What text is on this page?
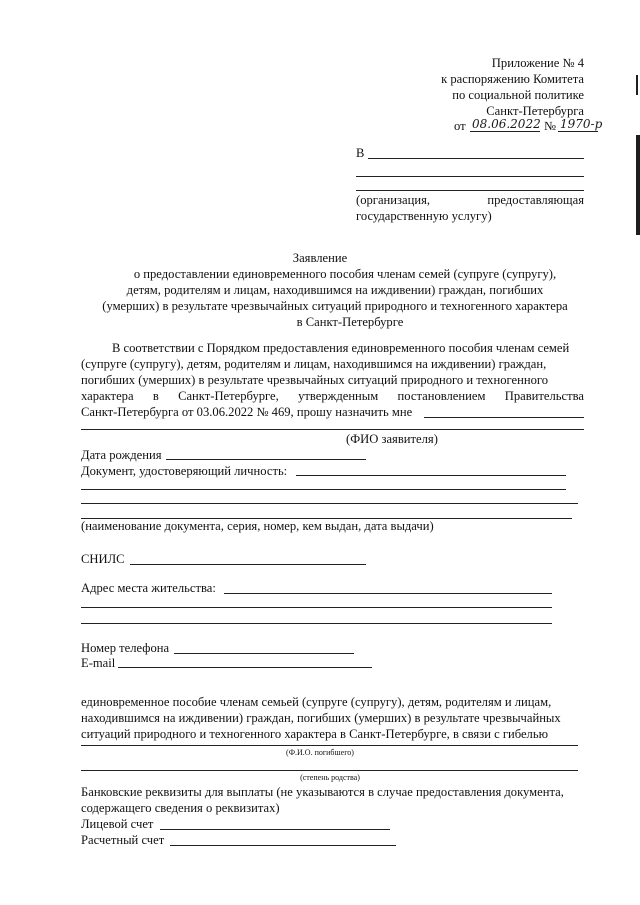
Приложение № 4
к распоряжению Комитета
по социальной политике
Санкт-Петербурга
от 08.06.2022 № 1970-р
В
(организация,	предоставляющая
государственную услугу)
Заявление
о предоставлении единовременного пособия членам семей (супруге (супругу),
детям, родителям и лицам, находившимся на иждивении) граждан, погибших
(умерших) в результате чрезвычайных ситуаций природного и техногенного характера
в Санкт-Петербурге
В соответствии с Порядком предоставления единовременного пособия членам семей
(супруге (супругу), детям, родителям и лицам, находившимся на иждивении) граждан,
погибших (умерших) в результате чрезвычайных ситуаций природного и техногенного
характера в Санкт-Петербурге, утвержденным постановлением Правительства
Санкт-Петербурга от 03.06.2022 № 469, прошу назначить мне
(ФИО заявителя)
Дата рождения
Документ, удостоверяющий личность:
(наименование документа, серия, номер, кем выдан, дата выдачи)
СНИЛС
Адрес места жительства:
Номер телефона
E-mail
единовременное пособие членам семьей (супруге (супругу), детям, родителям и лицам,
находившимся на иждивении) граждан, погибших (умерших) в результате чрезвычайных
ситуаций природного и техногенного характера в Санкт-Петербурге, в связи с гибелью
(Ф.И.О. погибшего)
(степень родства)
Банковские реквизиты для выплаты (не указываются в случае предоставления документа,
содержащего сведения о реквизитах)
Лицевой счет
Расчетный счет
